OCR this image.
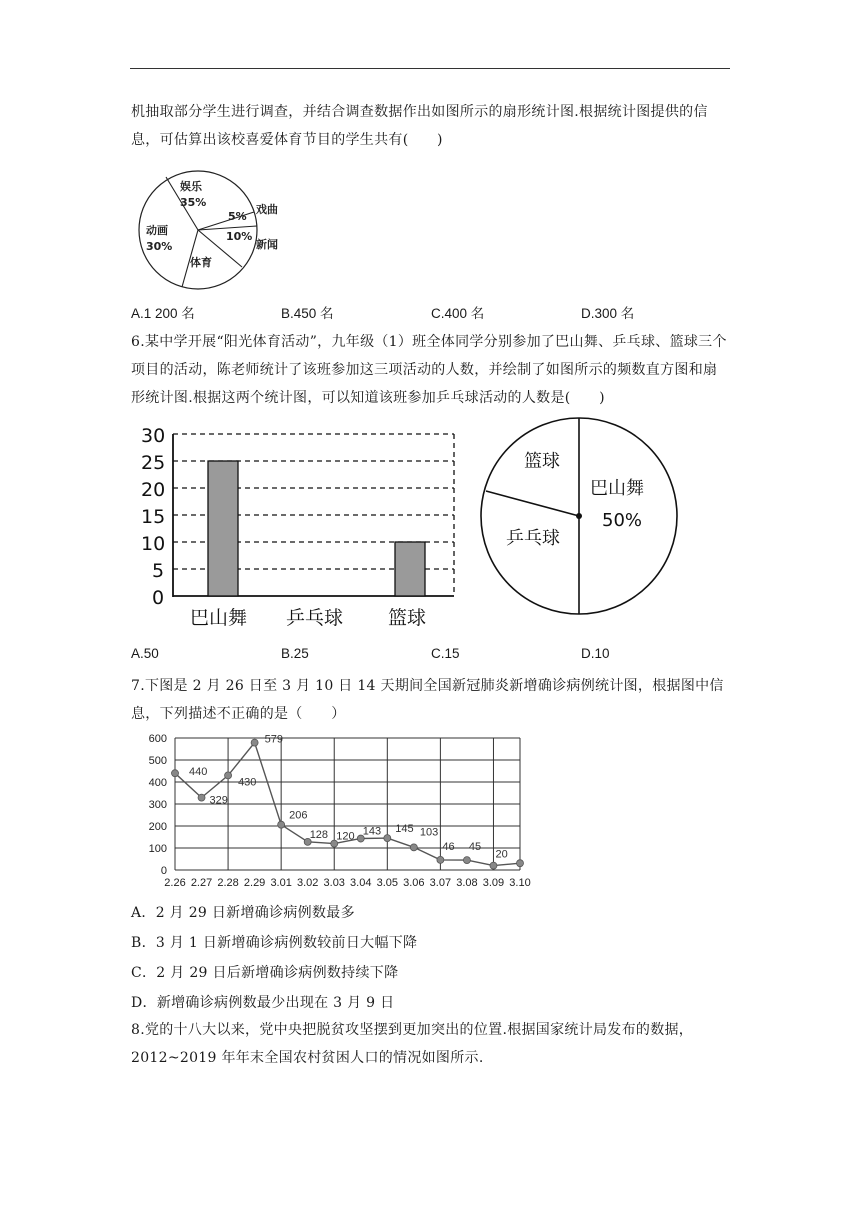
机抽取部分学生进行调查，并结合调查数据作出如图所示的扇形统计图.根据统计图提供的信息，可估算出该校喜爱体育节目的学生共有(　　)

娱乐
35%
5%
戏曲
10%
新闻
体育
动画
30%
A.1 200 名	B.450 名	C.400 名	D.300 名

6.某中学开展“阳光体育活动”，九年级（1）班全体同学分别参加了巴山舞、乒乓球、篮球三个项目的活动，陈老师统计了该班参加这三项活动的人数，并绘制了如图所示的频数直方图和扇形统计图.根据这两个统计图，可以知道该班参加乒乓球活动的人数是(　　)

30
25
20
15
10
5
0
巴山舞 乒乓球 篮球
篮球
巴山舞
50%
乒乓球
A.50	B.25	C.15	D.10

7.下图是 2 月 26 日至 3 月 10 日 14 天期间全国新冠肺炎新增确诊病例统计图，根据图中信息，下列描述不正确的是（　　）

0
100
200
300
400
500
600
2.26 2.27 2.28 2.29 3.01 3.02 3.03 3.04 3.05 3.06 3.07 3.08 3.09 3.10
440
329
430
579
206
128 120 143 145 103
46 45
20
A．2 月 29 日新增确诊病例数最多
B．3 月 1 日新增确诊病例数较前日大幅下降
C．2 月 29 日后新增确诊病例数持续下降
D．新增确诊病例数最少出现在 3 月 9 日

8.党的十八大以来，党中央把脱贫攻坚摆到更加突出的位置.根据国家统计局发布的数据，2012~2019 年年末全国农村贫困人口的情况如图所示.
